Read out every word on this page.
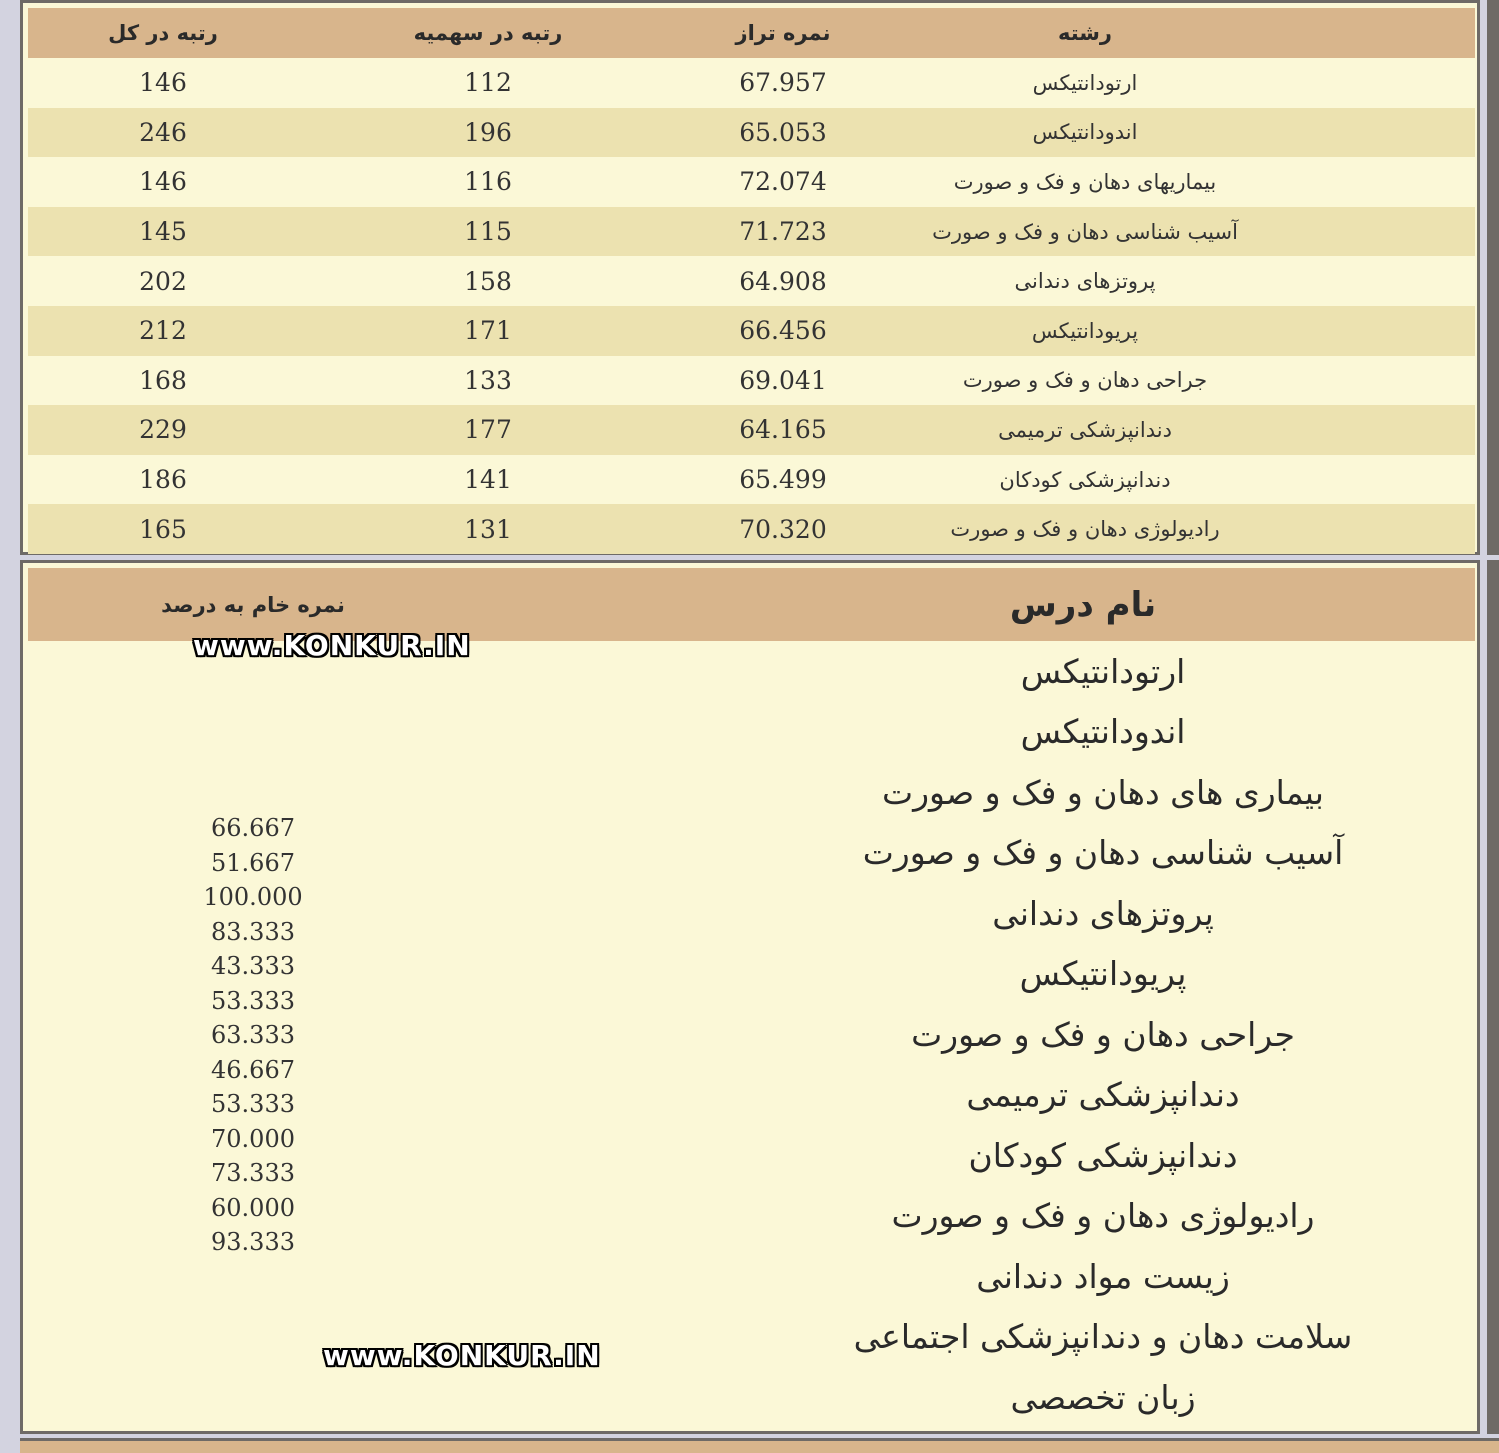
رشته
نمره تراز
رتبه در سهمیه
رتبه در کل
ارتودانتیکس
67.957
112
146
اندودانتیکس
65.053
196
246
بیماریهای دهان و فک و صورت
72.074
116
146
آسیب شناسی دهان و فک و صورت
71.723
115
145
پروتزهای دندانی
64.908
158
202
پریودانتیکس
66.456
171
212
جراحی دهان و فک و صورت
69.041
133
168
دندانپزشکی ترمیمی
64.165
177
229
دندانپزشکی کودکان
65.499
141
186
رادیولوژی دهان و فک و صورت
70.320
131
165
نام درس
نمره خام به درصد
ارتودانتیکس
اندودانتیکس
بیماری های دهان و فک و صورت
آسیب شناسی دهان و فک و صورت
پروتزهای دندانی
پریودانتیکس
جراحی دهان و فک و صورت
دندانپزشکی ترمیمی
دندانپزشکی کودکان
رادیولوژی دهان و فک و صورت
زیست مواد دندانی
سلامت دهان و دندانپزشکی اجتماعی
زبان تخصصی
66.667
51.667
100.000
83.333
43.333
53.333
63.333
46.667
53.333
70.000
73.333
60.000
93.333
www.KONKUR.IN
www.KONKUR.IN
